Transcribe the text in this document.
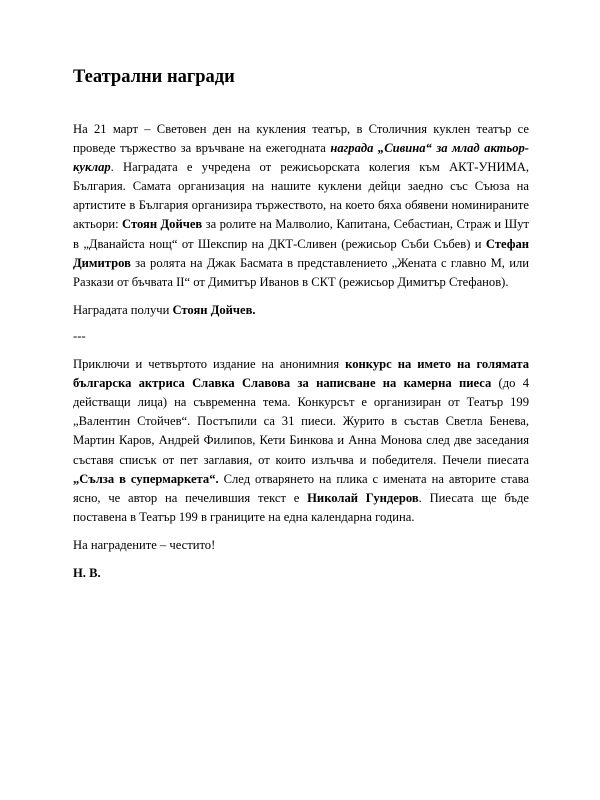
Театрални награди

На 21 март – Световен ден на кукления театър, в Столичния куклен театър се проведе тържество за връчване на ежегодната награда „Сивина“ за млад актьор-куклар. Наградата е учредена от режисьорската колегия към АКТ-УНИМА, България. Самата организация на нашите куклени дейци заедно със Съюза на артистите в България организира тържеството, на което бяха обявени номинираните актьори: Стоян Дойчев за ролите на Малволио, Капитана, Себастиан, Страж и Шут в „Дванайста нощ“ от Шекспир на ДКТ-Сливен (режисьор Съби Събев) и Стефан Димитров за ролята на Джак Басмата в представлението „Жената с главно М, или Разкази от бъчвата II“ от Димитър Иванов в СКТ (режисьор Димитър Стефанов).

Наградата получи Стоян Дойчев.

---

Приключи и четвъртото издание на анонимния конкурс на името на голямата българска актриса Славка Славова за написване на камерна пиеса (до 4 действащи лица) на съвременна тема. Конкурсът е организиран от Театър 199 „Валентин Стойчев“. Постъпили са 31 пиеси. Журито в състав Светла Бенева, Мартин Каров, Андрей Филипов, Кети Бинкова и Анна Монова след две заседания съставя списък от пет заглавия, от които излъчва и победителя. Печели пиесата „Сълза в супермаркета“. След отварянето на плика с имената на авторите става ясно, че автор на печелившия текст е Николай Гундеров. Пиесата ще бъде поставена в Театър 199 в границите на една календарна година.

На наградените – честито!

Н. В.
